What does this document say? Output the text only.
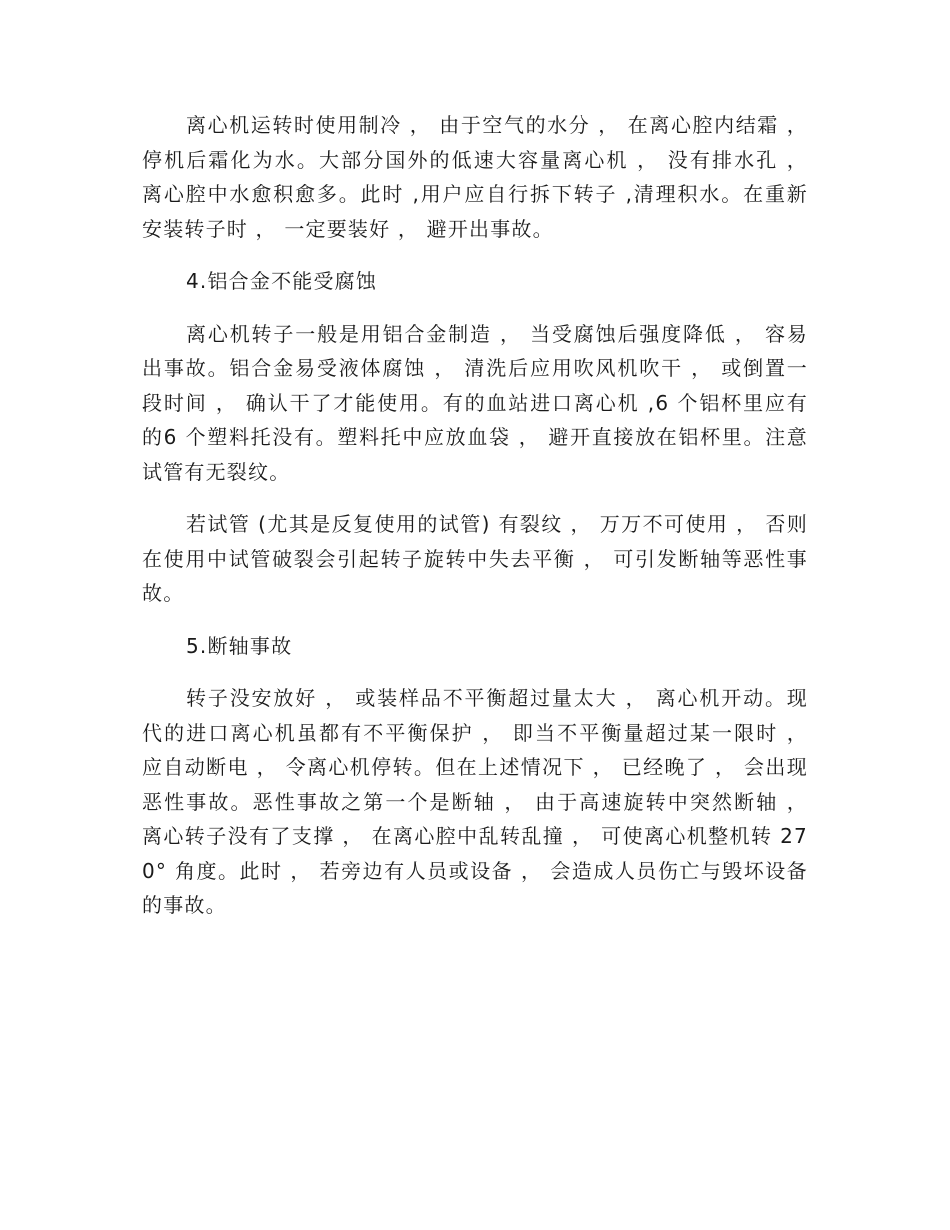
离心机运转时使用制冷 ， 由于空气的水分 ， 在离心腔内结霜 ， 停机后霜化为水。大部分国外的低速大容量离心机 ， 没有排水孔 ， 离心腔中水愈积愈多。此时 ,用户应自行拆下转子 ,清理积水。在重新安装转子时 ， 一定要装好 ， 避开出事故。

4.铝合金不能受腐蚀

离心机转子一般是用铝合金制造 ， 当受腐蚀后强度降低 ， 容易出事故。铝合金易受液体腐蚀 ， 清洗后应用吹风机吹干 ， 或倒置一段时间 ， 确认干了才能使用。有的血站进口离心机 ,6 个铝杯里应有的6 个塑料托没有。塑料托中应放血袋 ， 避开直接放在铝杯里。注意试管有无裂纹。

若试管 (尤其是反复使用的试管) 有裂纹 ， 万万不可使用 ， 否则在使用中试管破裂会引起转子旋转中失去平衡 ， 可引发断轴等恶性事故。

5.断轴事故

转子没安放好 ， 或装样品不平衡超过量太大 ， 离心机开动。现代的进口离心机虽都有不平衡保护 ， 即当不平衡量超过某一限时 ， 应自动断电 ， 令离心机停转。但在上述情况下 ， 已经晚了 ， 会出现恶性事故。恶性事故之第一个是断轴 ， 由于高速旋转中突然断轴 ， 离心转子没有了支撑 ， 在离心腔中乱转乱撞 ， 可使离心机整机转 270° 角度。此时 ， 若旁边有人员或设备 ， 会造成人员伤亡与毁坏设备的事故。
